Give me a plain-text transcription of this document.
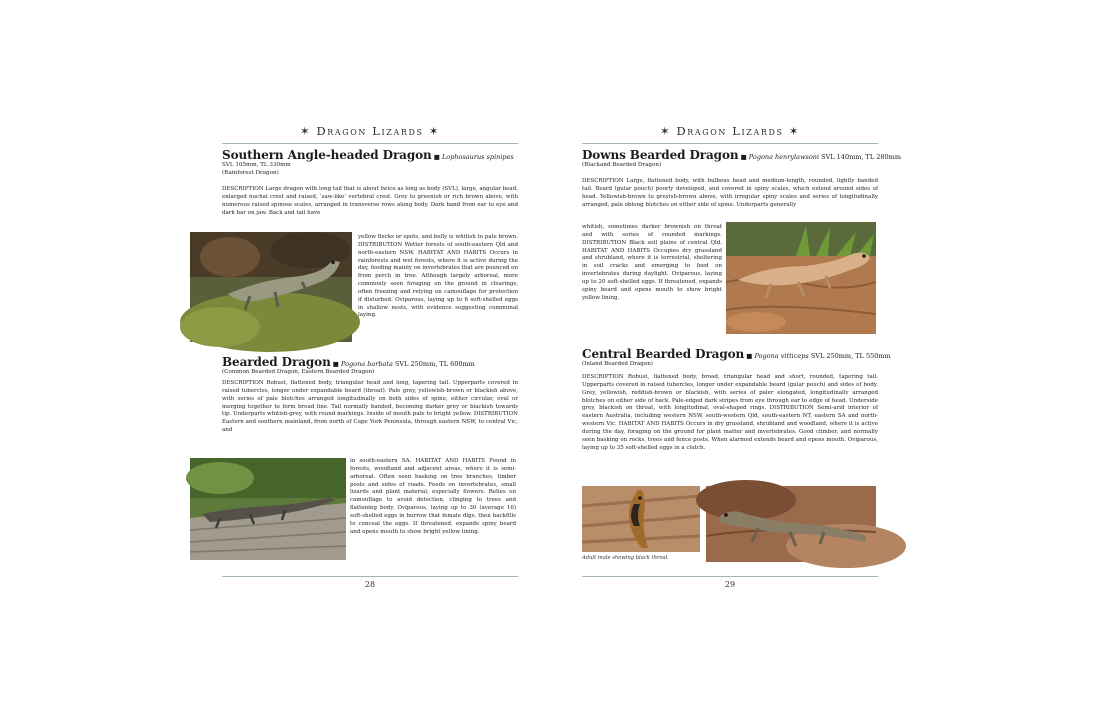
✶ Dragon Lizards ✶
Southern Angle-headed Dragon ■ Lophosaurus spinipes
SVL 105mm, TL 330mm
(Rainforest Dragon)
DESCRIPTION Large dragon with long tail that is about twice as long as body (SVL), large, angular head, enlarged nuchal crest and raised, ‘saw-like’ vertebral crest. Grey to greenish or rich brown above, with numerous raised spinose scales, arranged in transverse rows along body. Dark band from ear to eye and dark bar on jaw. Back and tail have
yellow flecks or spots, and belly is whitish to pale brown. DISTRIBUTION Wetter forests of south-eastern Qld and north-eastern NSW. HABITAT AND HABITS Occurs in rainforests and wet forests, where it is active during the day, feeding mainly on invertebrates that are pounced on from perch in tree. Although largely arboreal, more commonly seen foraging on the ground in clearings, often freezing and relying on camouflage for protection if disturbed. Oviparous, laying up to 6 soft-shelled eggs in shallow nests, with evidence suggesting communal laying.
Bearded Dragon ■ Pogona barbata SVL 250mm, TL 600mm
(Common Bearded Dragon, Eastern Bearded Dragon)
DESCRIPTION Robust, flattened body, triangular head and long, tapering tail. Upperparts covered in raised tubercles, longer under expandable beard (throat). Pale grey, yellowish-brown or blackish above, with series of pale blotches arranged longitudinally on both sides of spine, either circular, oval or merging together to form broad line. Tail normally banded, becoming darker grey or blackish towards tip. Underparts whitish-grey, with round markings. Inside of mouth pale to bright yellow. DISTRIBUTION Eastern and southern mainland, from north of Cape York Peninsula, through eastern NSW, to central Vic, and
in south-eastern SA. HABITAT AND HABITS Found in forests, woodland and adjacent areas, where it is semi-arboreal. Often seen basking on tree branches, timber posts and sides of roads. Feeds on invertebrates, small lizards and plant material, especially flowers. Relies on camouflage to avoid detection, clinging to trees and flattening body. Oviparous, laying up to 30 (average 16) soft-shelled eggs in burrow that female digs, then backfills to conceal the eggs. If threatened, expands spiny beard and opens mouth to show bright yellow lining.
28
✶ Dragon Lizards ✶
Downs Bearded Dragon ■ Pogona henrylawsoni SVL 140mm, TL 280mm
(Blackand Bearded Dragon)
DESCRIPTION Large, flattened body, with bulbous head and medium-length, rounded, lightly banded tail. Beard (gular pouch) poorly developed, and covered in spiny scales, which extend around sides of head. Yellowish-brown to greyish-brown above, with irregular spiny scales and series of longitudinally arranged, pale oblong blotches on either side of spine. Underparts generally
whitish, sometimes darker brownish on throat and with series of rounded markings. DISTRIBUTION Black soil plains of central Qld. HABITAT AND HABITS Occupies dry grassland and shrubland, where it is terrestrial, sheltering in soil cracks and emerging to feed on invertebrates during daylight. Oviparous, laying up to 20 soft-shelled eggs. If threatened, expands spiny beard and opens mouth to show bright yellow lining.
Central Bearded Dragon ■ Pogona vitticeps SVL 250mm, TL 550mm
(Inland Bearded Dragon)
DESCRIPTION Robust, flattened body, broad, triangular head and short, rounded, tapering tail. Upperparts covered in raised tubercles, longer under expandable beard (gular pouch) and sides of body. Grey, yellowish, reddish-brown or blackish, with series of paler elongated, longitudinally arranged blotches on either side of back. Pale-edged dark stripes from eye through ear to edge of head. Underside grey, blackish on throat, with longitudinal, oval-shaped rings. DISTRIBUTION Semi-arid interior of eastern Australia, including western NSW, south-western Qld, south-eastern NT, eastern SA and north-western Vic. HABITAT AND HABITS Occurs in dry grassland, shrubland and woodland, where it is active during the day, foraging on the ground for plant matter and invertebrates. Good climber, and normally seen basking on rocks, trees and fence posts. When alarmed extends beard and opens mouth. Oviparous, laying up to 35 soft-shelled eggs in a clutch.
Adult male showing black throat
29
